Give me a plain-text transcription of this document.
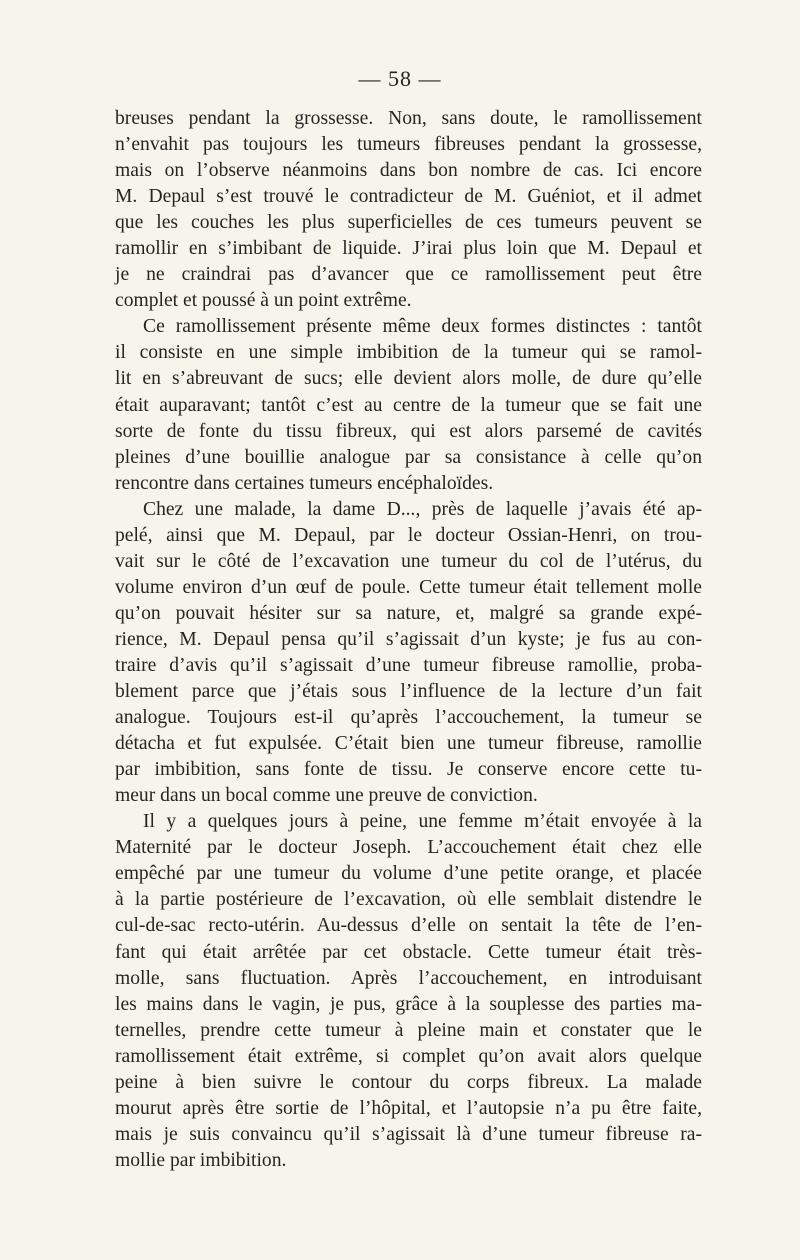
— 58 —
breuses pendant la grossesse. Non, sans doute, le ramollissement
n’envahit pas toujours les tumeurs fibreuses pendant la grossesse,
mais on l’observe néanmoins dans bon nombre de cas. Ici encore
M. Depaul s’est trouvé le contradicteur de M. Guéniot, et il admet
que les couches les plus superficielles de ces tumeurs peuvent se
ramollir en s’imbibant de liquide. J’irai plus loin que M. Depaul et
je ne craindrai pas d’avancer que ce ramollissement peut être
complet et poussé à un point extrême.
Ce ramollissement présente même deux formes distinctes : tantôt
il consiste en une simple imbibition de la tumeur qui se ramol-
lit en s’abreuvant de sucs; elle devient alors molle, de dure qu’elle
était auparavant; tantôt c’est au centre de la tumeur que se fait une
sorte de fonte du tissu fibreux, qui est alors parsemé de cavités
pleines d’une bouillie analogue par sa consistance à celle qu’on
rencontre dans certaines tumeurs encéphaloïdes.
Chez une malade, la dame D..., près de laquelle j’avais été ap-
pelé, ainsi que M. Depaul, par le docteur Ossian-Henri, on trou-
vait sur le côté de l’excavation une tumeur du col de l’utérus, du
volume environ d’un œuf de poule. Cette tumeur était tellement molle
qu’on pouvait hésiter sur sa nature, et, malgré sa grande expé-
rience, M. Depaul pensa qu’il s’agissait d’un kyste; je fus au con-
traire d’avis qu’il s’agissait d’une tumeur fibreuse ramollie, proba-
blement parce que j’étais sous l’influence de la lecture d’un fait
analogue. Toujours est-il qu’après l’accouchement, la tumeur se
détacha et fut expulsée. C’était bien une tumeur fibreuse, ramollie
par imbibition, sans fonte de tissu. Je conserve encore cette tu-
meur dans un bocal comme une preuve de conviction.
Il y a quelques jours à peine, une femme m’était envoyée à la
Maternité par le docteur Joseph. L’accouchement était chez elle
empêché par une tumeur du volume d’une petite orange, et placée
à la partie postérieure de l’excavation, où elle semblait distendre le
cul-de-sac recto-utérin. Au-dessus d’elle on sentait la tête de l’en-
fant qui était arrêtée par cet obstacle. Cette tumeur était très-
molle, sans fluctuation. Après l’accouchement, en introduisant
les mains dans le vagin, je pus, grâce à la souplesse des parties ma-
ternelles, prendre cette tumeur à pleine main et constater que le
ramollissement était extrême, si complet qu’on avait alors quelque
peine à bien suivre le contour du corps fibreux. La malade
mourut après être sortie de l’hôpital, et l’autopsie n’a pu être faite,
mais je suis convaincu qu’il s’agissait là d’une tumeur fibreuse ra-
mollie par imbibition.
